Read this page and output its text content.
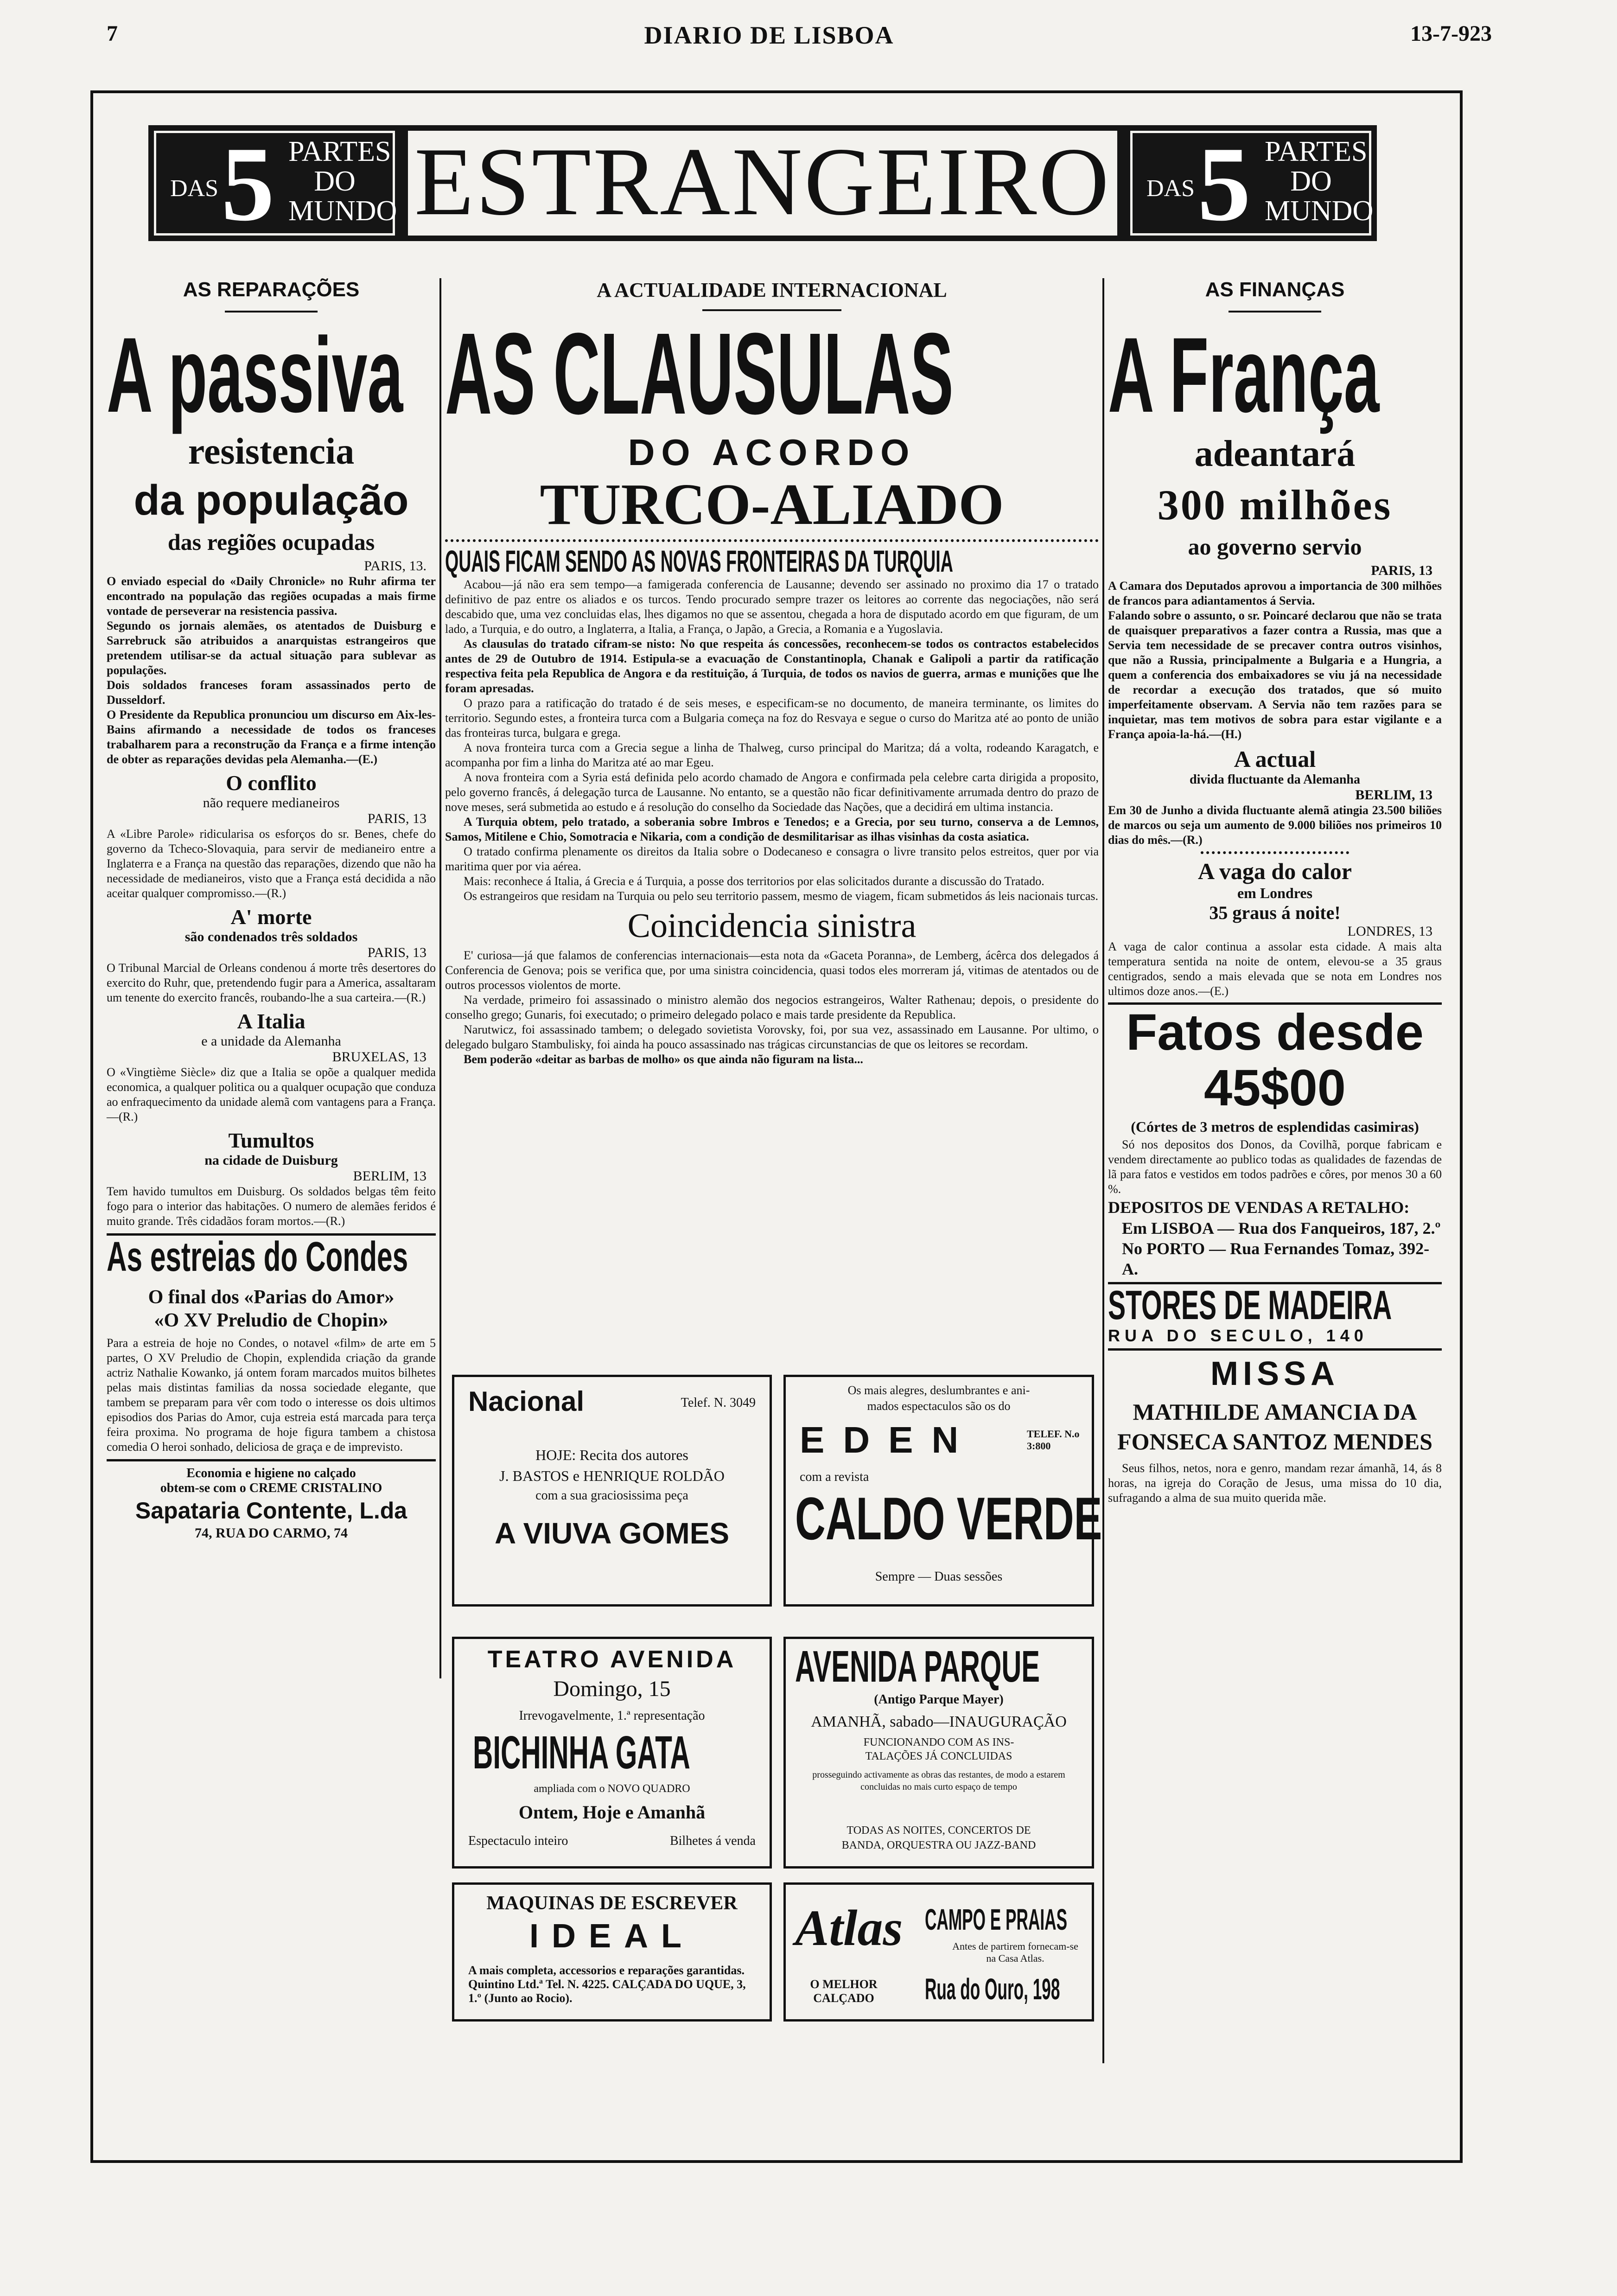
7	DIARIO DE LISBOA	13-7-923
DAS 5 PARTES
DO
MUNDO ESTRANGEIRO DAS 5 PARTES
DO
MUNDO
AS REPARAÇÕES
A passiva
resistencia
da população
das regiões ocupadas
PARIS, 13.

O enviado especial do «Daily Chronicle» no Ruhr afirma ter encontrado na população das regiões ocupadas a mais firme vontade de perseverar na resistencia passiva.

Segundo os jornais alemães, os atentados de Duisburg e Sarrebruck são atribuidos a anarquistas estrangeiros que pretendem utilisar-se da actual situação para sublevar as populações.

Dois soldados franceses foram assassinados perto de Dusseldorf.

O Presidente da Republica pronunciou um discurso em Aix-les-Bains afirmando a necessidade de todos os franceses trabalharem para a reconstrução da França e a firme intenção de obter as reparações devidas pela Alemanha.—(E.)

O conflito
não requere medianeiros
PARIS, 13

A «Libre Parole» ridicularisa os esforços do sr. Benes, chefe do governo da Tcheco-Slovaquia, para servir de medianeiro entre a Inglaterra e a França na questão das reparações, dizendo que não ha necessidade de medianeiros, visto que a França está decidida a não aceitar qualquer compromisso.—(R.)

A' morte
são condenados três soldados
PARIS, 13

O Tribunal Marcial de Orleans condenou á morte três desertores do exercito do Ruhr, que, pretendendo fugir para a America, assaltaram um tenente do exercito francês, roubando-lhe a sua carteira.—(R.)

A Italia
e a unidade da Alemanha
BRUXELAS, 13

O «Vingtième Siècle» diz que a Italia se opõe a qualquer medida economica, a qualquer politica ou a qualquer ocupação que conduza ao enfraquecimento da unidade alemã com vantagens para a França.—(R.)

Tumultos
na cidade de Duisburg
BERLIM, 13

Tem havido tumultos em Duisburg. Os soldados belgas têm feito fogo para o interior das habitações. O numero de alemães feridos é muito grande. Três cidadãos foram mortos.—(R.)

As estreias do Condes
O final dos «Parias do Amor»
«O XV Preludio de Chopin»

Para a estreia de hoje no Condes, o notavel «film» de arte em 5 partes, O XV Preludio de Chopin, explendida criação da grande actriz Nathalie Kowanko, já ontem foram marcados muitos bilhetes pelas mais distintas familias da nossa sociedade elegante, que tambem se preparam para vêr com todo o interesse os dois ultimos episodios dos Parias do Amor, cuja estreia está marcada para terça feira proxima. No programa de hoje figura tambem a chistosa comedia O heroi sonhado, deliciosa de graça e de imprevisto.

Economia e higiene no calçado
obtem-se com o CREME CRISTALINO
Sapataria Contente, L.da
74, RUA DO CARMO, 74
A ACTUALIDADE INTERNACIONAL
AS CLAUSULAS
DO ACORDO
TURCO-ALIADO
QUAIS FICAM SENDO AS NOVAS FRONTEIRAS DA TURQUIA

Acabou—já não era sem tempo—a famigerada conferencia de Lausanne; devendo ser assinado no proximo dia 17 o tratado definitivo de paz entre os aliados e os turcos. Tendo procurado sempre trazer os leitores ao corrente das negociações, não será descabido que, uma vez concluidas elas, lhes digamos no que se assentou, chegada a hora de disputado acordo em que figuram, de um lado, a Turquia, e do outro, a Inglaterra, a Italia, a França, o Japão, a Grecia, a Romania e a Yugoslavia.

As clausulas do tratado cifram-se nisto: No que respeita ás concessões, reconhecem-se todos os contractos estabelecidos antes de 29 de Outubro de 1914. Estipula-se a evacuação de Constantinopla, Chanak e Galipoli a partir da ratificação respectiva feita pela Republica de Angora e da restituição, á Turquia, de todos os navios de guerra, armas e munições que lhe foram apresadas.

O prazo para a ratificação do tratado é de seis meses, e especificam-se no documento, de maneira terminante, os limites do territorio. Segundo estes, a fronteira turca com a Bulgaria começa na foz do Resvaya e segue o curso do Maritza até ao ponto de união das fronteiras turca, bulgara e grega.

A nova fronteira turca com a Grecia segue a linha de Thalweg, curso principal do Maritza; dá a volta, rodeando Karagatch, e acompanha por fim a linha do Maritza até ao mar Egeu.

A nova fronteira com a Syria está definida pelo acordo chamado de Angora e confirmada pela celebre carta dirigida a proposito, pelo governo francês, á delegação turca de Lausanne. No entanto, se a questão não ficar definitivamente arrumada dentro do prazo de nove meses, será submetida ao estudo e á resolução do conselho da Sociedade das Nações, que a decidirá em ultima instancia.

A Turquia obtem, pelo tratado, a soberania sobre Imbros e Tenedos; e a Grecia, por seu turno, conserva a de Lemnos, Samos, Mitilene e Chio, Somotracia e Nikaria, com a condição de desmilitarisar as ilhas visinhas da costa asiatica.

O tratado confirma plenamente os direitos da Italia sobre o Dodecaneso e consagra o livre transito pelos estreitos, quer por via maritima quer por via aérea.

Mais: reconhece á Italia, á Grecia e á Turquia, a posse dos territorios por elas solicitados durante a discussão do Tratado.

Os estrangeiros que residam na Turquia ou pelo seu territorio passem, mesmo de viagem, ficam submetidos ás leis nacionais turcas.

Coincidencia sinistra

E' curiosa—já que falamos de conferencias internacionais—esta nota da «Gaceta Poranna», de Lemberg, ácêrca dos delegados á Conferencia de Genova; pois se verifica que, por uma sinistra coincidencia, quasi todos eles morreram já, vitimas de atentados ou de outros processos violentos de morte.

Na verdade, primeiro foi assassinado o ministro alemão dos negocios estrangeiros, Walter Rathenau; depois, o presidente do conselho grego; Gunaris, foi executado; o primeiro delegado polaco e mais tarde presidente da Republica.

Narutwicz, foi assassinado tambem; o delegado sovietista Vorovsky, foi, por sua vez, assassinado em Lausanne. Por ultimo, o delegado bulgaro Stambulisky, foi ainda ha pouco assassinado nas trágicas circunstancias de que os leitores se recordam.

Bem poderão «deitar as barbas de molho» os que ainda não figuram na lista...

Nacional	Telef. N. 3049
HOJE: Recita dos autores
J. BASTOS e HENRIQUE ROLDÃO
com a sua graciosissima peça
A VIUVA GOMES
Os mais alegres, deslumbrantes e ani-
mados espectaculos são os do
EDEN	TELEF. N.o 3:800
com a revista
CALDO VERDE
Sempre — Duas sessões
TEATRO AVENIDA
Domingo, 15
Irrevogavelmente, 1.ª representação
BICHINHA GATA
ampliada com o NOVO QUADRO
Ontem, Hoje e Amanhã
Espectaculo inteiro	Bilhetes á venda
AVENIDA PARQUE
(Antigo Parque Mayer)
AMANHÃ, sabado—INAUGURAÇÃO
FUNCIONANDO COM AS INS-
TALAÇÕES JÁ CONCLUIDAS
prosseguindo activamente as obras das restantes, de modo a estarem concluidas no mais curto espaço de tempo
TODAS AS NOITES, CONCERTOS DE
BANDA, ORQUESTRA OU JAZZ-BAND
MAQUINAS DE ESCREVER
IDEAL
A mais completa, accessorios e reparações garantidas. Quintino Ltd.ª Tel. N. 4225. CALÇADA DO UQUE, 3, 1.º (Junto ao Rocio).
Atlas
O MELHOR CALÇADO
CAMPO E PRAIAS
Antes de partirem fornecam-se na Casa Atlas.
Rua do Ouro, 198
AS FINANÇAS
A França
adeantará
300 milhões
ao governo servio
PARIS, 13

A Camara dos Deputados aprovou a importancia de 300 milhões de francos para adiantamentos á Servia.

Falando sobre o assunto, o sr. Poincaré declarou que não se trata de quaisquer preparativos a fazer contra a Russia, mas que a Servia tem necessidade de se precaver contra outros visinhos, que não a Russia, principalmente a Bulgaria e a Hungria, a quem a conferencia dos embaixadores se viu já na necessidade de recordar a execução dos tratados, que só muito imperfeitamente observam. A Servia não tem razões para se inquietar, mas tem motivos de sobra para estar vigilante e a França apoia-la-há.—(H.)

A actual
divida fluctuante da Alemanha
BERLIM, 13

Em 30 de Junho a divida fluctuante alemã atingia 23.500 biliões de marcos ou seja um aumento de 9.000 biliões nos primeiros 10 dias do mês.—(R.)

A vaga do calor
em Londres
35 graus á noite!
LONDRES, 13

A vaga de calor continua a assolar esta cidade. A mais alta temperatura sentida na noite de ontem, elevou-se a 35 graus centigrados, sendo a mais elevada que se nota em Londres nos ultimos doze anos.—(E.)

Fatos desde
45$00
(Córtes de 3 metros de esplendidas casimiras)

Só nos depositos dos Donos, da Covilhã, porque fabricam e vendem directamente ao publico todas as qualidades de fazendas de lã para fatos e vestidos em todos padrões e côres, por menos 30 a 60 %.

DEPOSITOS DE VENDAS A RETALHO:
Em LISBOA — Rua dos Fanqueiros, 187, 2.º
No PORTO — Rua Fernandes Tomaz, 392-A.
STORES DE MADEIRA
RUA DO SECULO, 140
MISSA
MATHILDE AMANCIA DA FONSECA SANTOZ MENDES

Seus filhos, netos, nora e genro, mandam rezar ámanhã, 14, ás 8 horas, na igreja do Coração de Jesus, uma missa do 10 dia, sufragando a alma de sua muito querida mãe.
